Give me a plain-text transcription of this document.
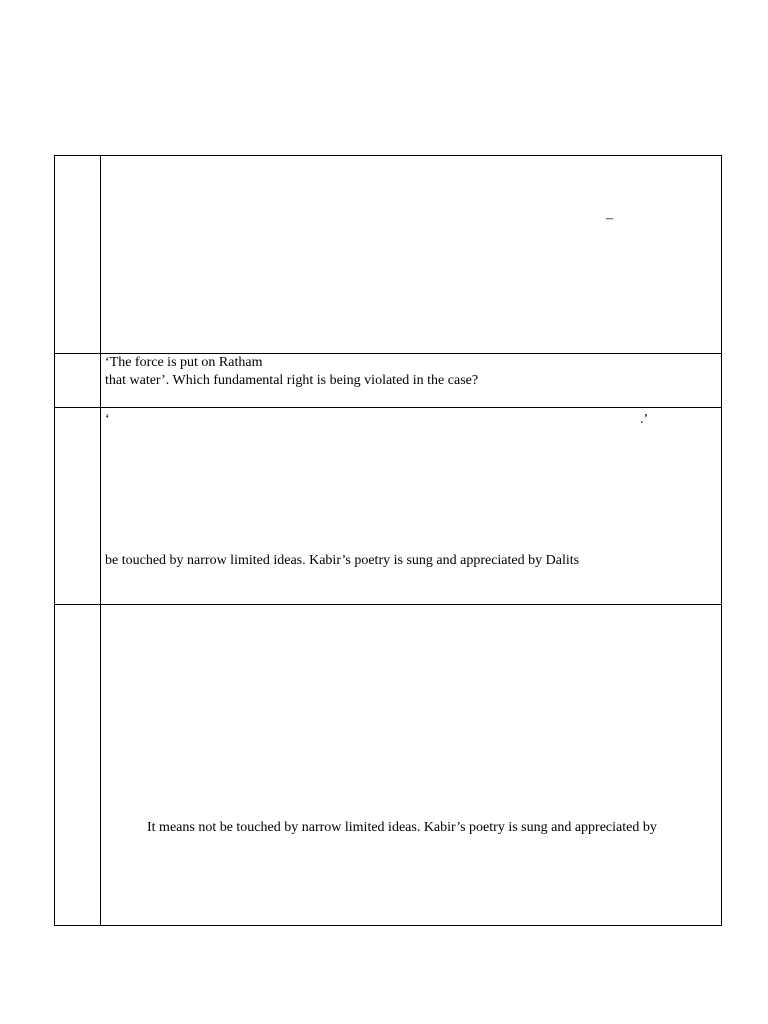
–
‘The force is put on Ratham
that water’. Which fundamental right is being violated in the case?
‘	.’
be touched by narrow limited ideas. Kabir’s poetry is sung and appreciated by Dalits
It means not be touched by narrow limited ideas. Kabir’s poetry is sung and appreciated by
